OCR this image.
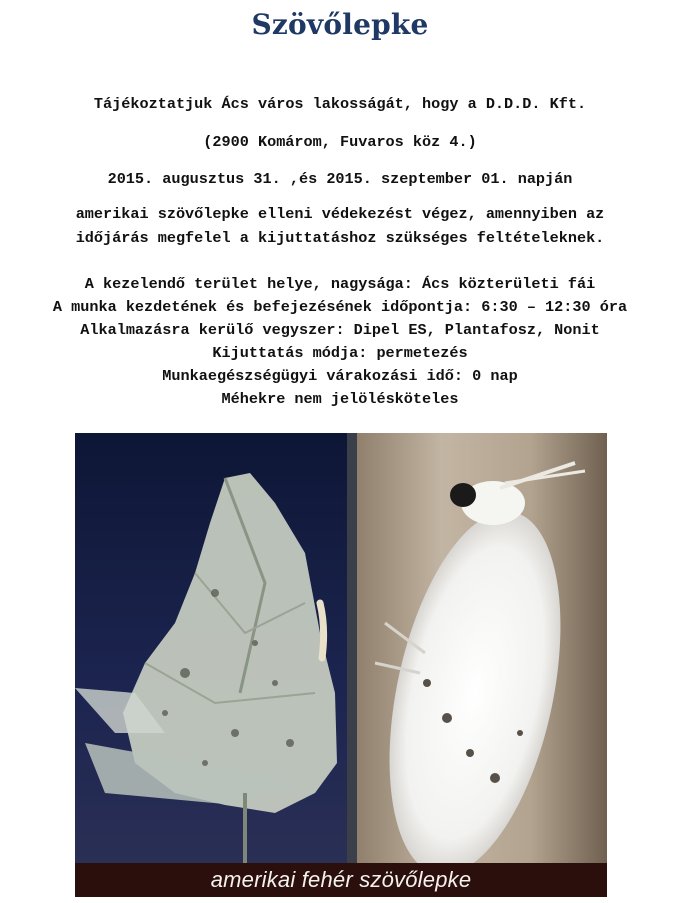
Szövőlepke
Tájékoztatjuk Ács város lakosságát, hogy a D.D.D. Kft.
(2900 Komárom, Fuvaros köz 4.)
2015. augusztus 31. ,és 2015. szeptember 01. napján
amerikai szövőlepke elleni védekezést végez, amennyiben az
időjárás megfelel a kijuttatáshoz szükséges feltételeknek.
A kezelendő terület helye, nagysága: Ács közterületi fái
A munka kezdetének és befejezésének időpontja: 6:30 – 12:30 óra
Alkalmazásra kerülő vegyszer: Dipel ES, Plantafosz, Nonit
Kijuttatás módja: permetezés
Munkaegészségügyi várakozási idő: 0 nap
Méhekre nem jelölésköteles
amerikai fehér szövőlepke
